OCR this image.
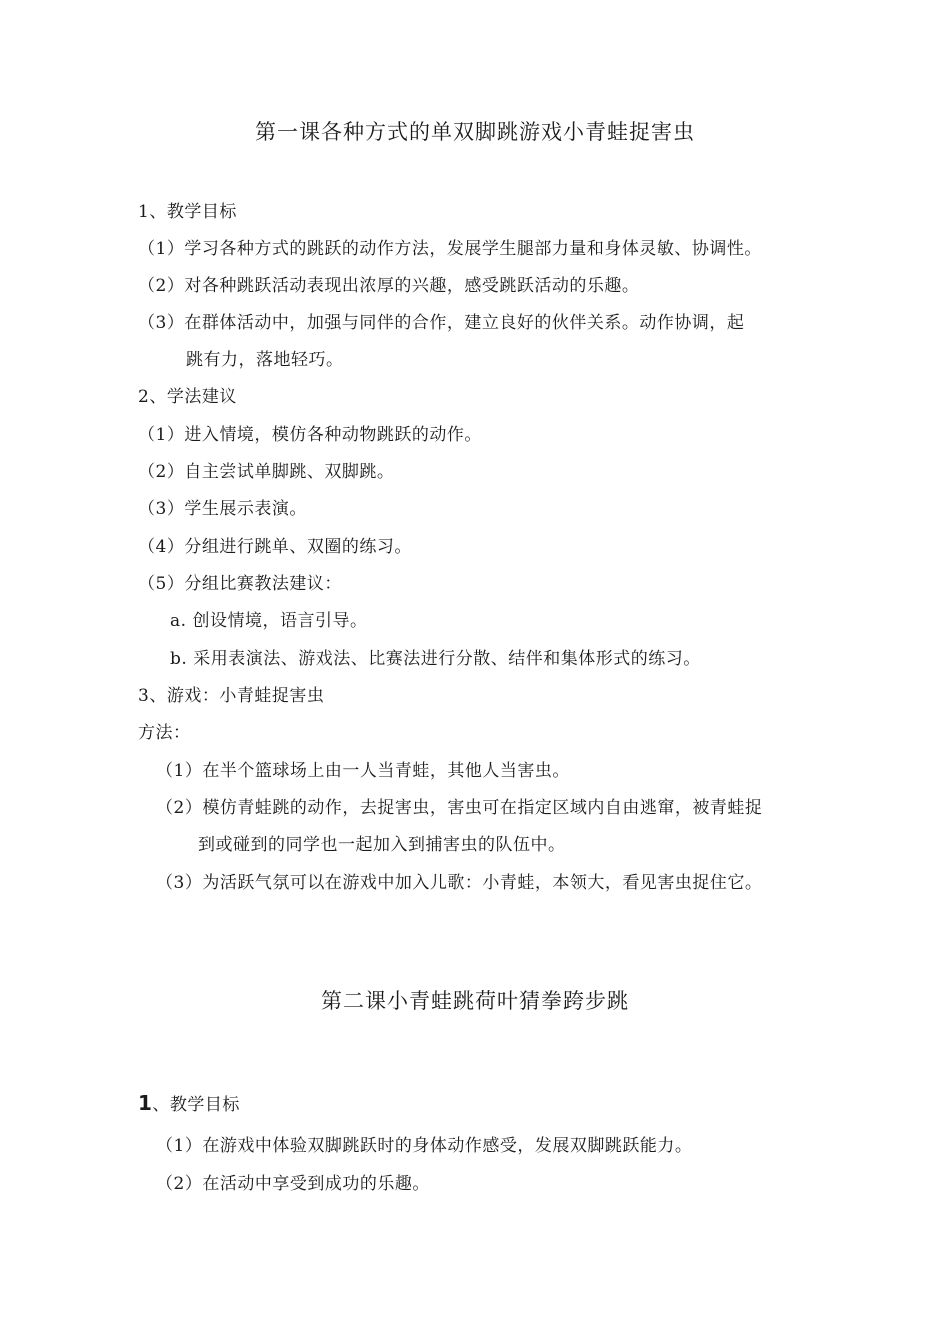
第一课各种方式的单双脚跳游戏小青蛙捉害虫
1、教学目标
（1）学习各种方式的跳跃的动作方法，发展学生腿部力量和身体灵敏、协调性。
（2）对各种跳跃活动表现出浓厚的兴趣，感受跳跃活动的乐趣。
（3）在群体活动中，加强与同伴的合作，建立良好的伙伴关系。动作协调，起
跳有力，落地轻巧。
2、学法建议
（1）进入情境，模仿各种动物跳跃的动作。
（2）自主尝试单脚跳、双脚跳。
（3）学生展示表演。
（4）分组进行跳单、双圈的练习。
（5）分组比赛教法建议：
a. 创设情境，语言引导。
b. 采用表演法、游戏法、比赛法进行分散、结伴和集体形式的练习。
3、游戏：小青蛙捉害虫
方法：
（1）在半个篮球场上由一人当青蛙，其他人当害虫。
（2）模仿青蛙跳的动作，去捉害虫，害虫可在指定区域内自由逃窜，被青蛙捉
到或碰到的同学也一起加入到捕害虫的队伍中。
（3）为活跃气氛可以在游戏中加入儿歌：小青蛙，本领大，看见害虫捉住它。
第二课小青蛙跳荷叶猜拳跨步跳
1、教学目标
（1）在游戏中体验双脚跳跃时的身体动作感受，发展双脚跳跃能力。
（2）在活动中享受到成功的乐趣。
